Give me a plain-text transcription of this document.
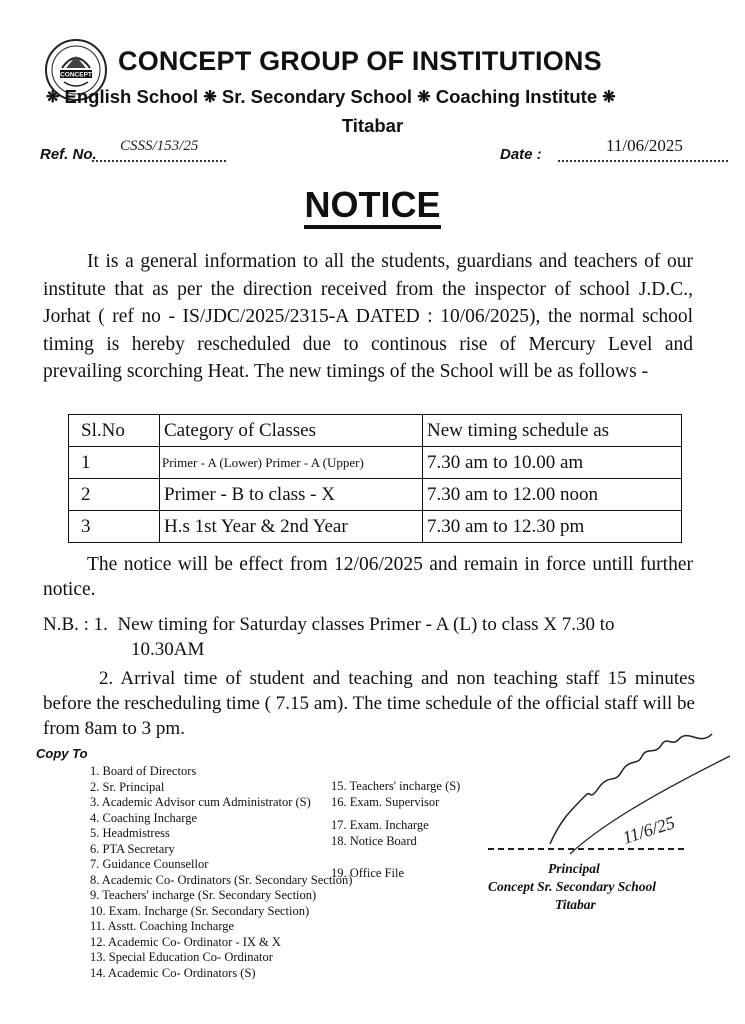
CONCEPT CONCEPT GROUP OF INSTITUTIONS
❋ English School ❋ Sr. Secondary School ❋ Coaching Institute ❋
Titabar
Ref. No. CSSS/153/25	Date :	11/06/2025
NOTICE
It is a general information to all the students, guardians and teachers of our institute that as per the direction received from the inspector of school J.D.C., Jorhat ( ref no - IS/JDC/2025/2315-A DATED : 10/06/2025), the normal school timing is hereby rescheduled due to continous rise of Mercury Level and prevailing scorching Heat. The new timings of the School will be as follows -
Sl.No	Category of Classes	New timing schedule as
1	Primer - A (Lower) Primer - A (Upper)	7.30 am to 10.00 am
2	Primer - B to class - X	7.30 am to 12.00 noon
3	H.s 1st Year & 2nd Year	7.30 am to 12.30 pm
The notice will be effect from 12/06/2025 and remain in force untill further notice.
N.B. : 1. New timing for Saturday classes Primer - A (L) to class X 7.30 to
10.30AM
2. Arrival time of student and teaching and non teaching staff 15 minutes before the rescheduling time ( 7.15 am). The time schedule of the official staff will be from 8am to 3 pm.
Copy To
1. Board of Directors
2. Sr. Principal
3. Academic Advisor cum Administrator (S)
4. Coaching Incharge
5. Headmistress
6. PTA Secretary
7. Guidance Counsellor
8. Academic Co- Ordinators (Sr. Secondary Section)
9. Teachers' incharge (Sr. Secondary Section)
10. Exam. Incharge (Sr. Secondary Section)
11. Asstt. Coaching Incharge
12. Academic Co- Ordinator - IX & X
13. Special Education Co- Ordinator
14. Academic Co- Ordinators (S)
15. Teachers' incharge (S)
16. Exam. Supervisor
17. Exam. Incharge
18. Notice Board
19. Office File
11/6/25
Principal
Concept Sr. Secondary School
Titabar
